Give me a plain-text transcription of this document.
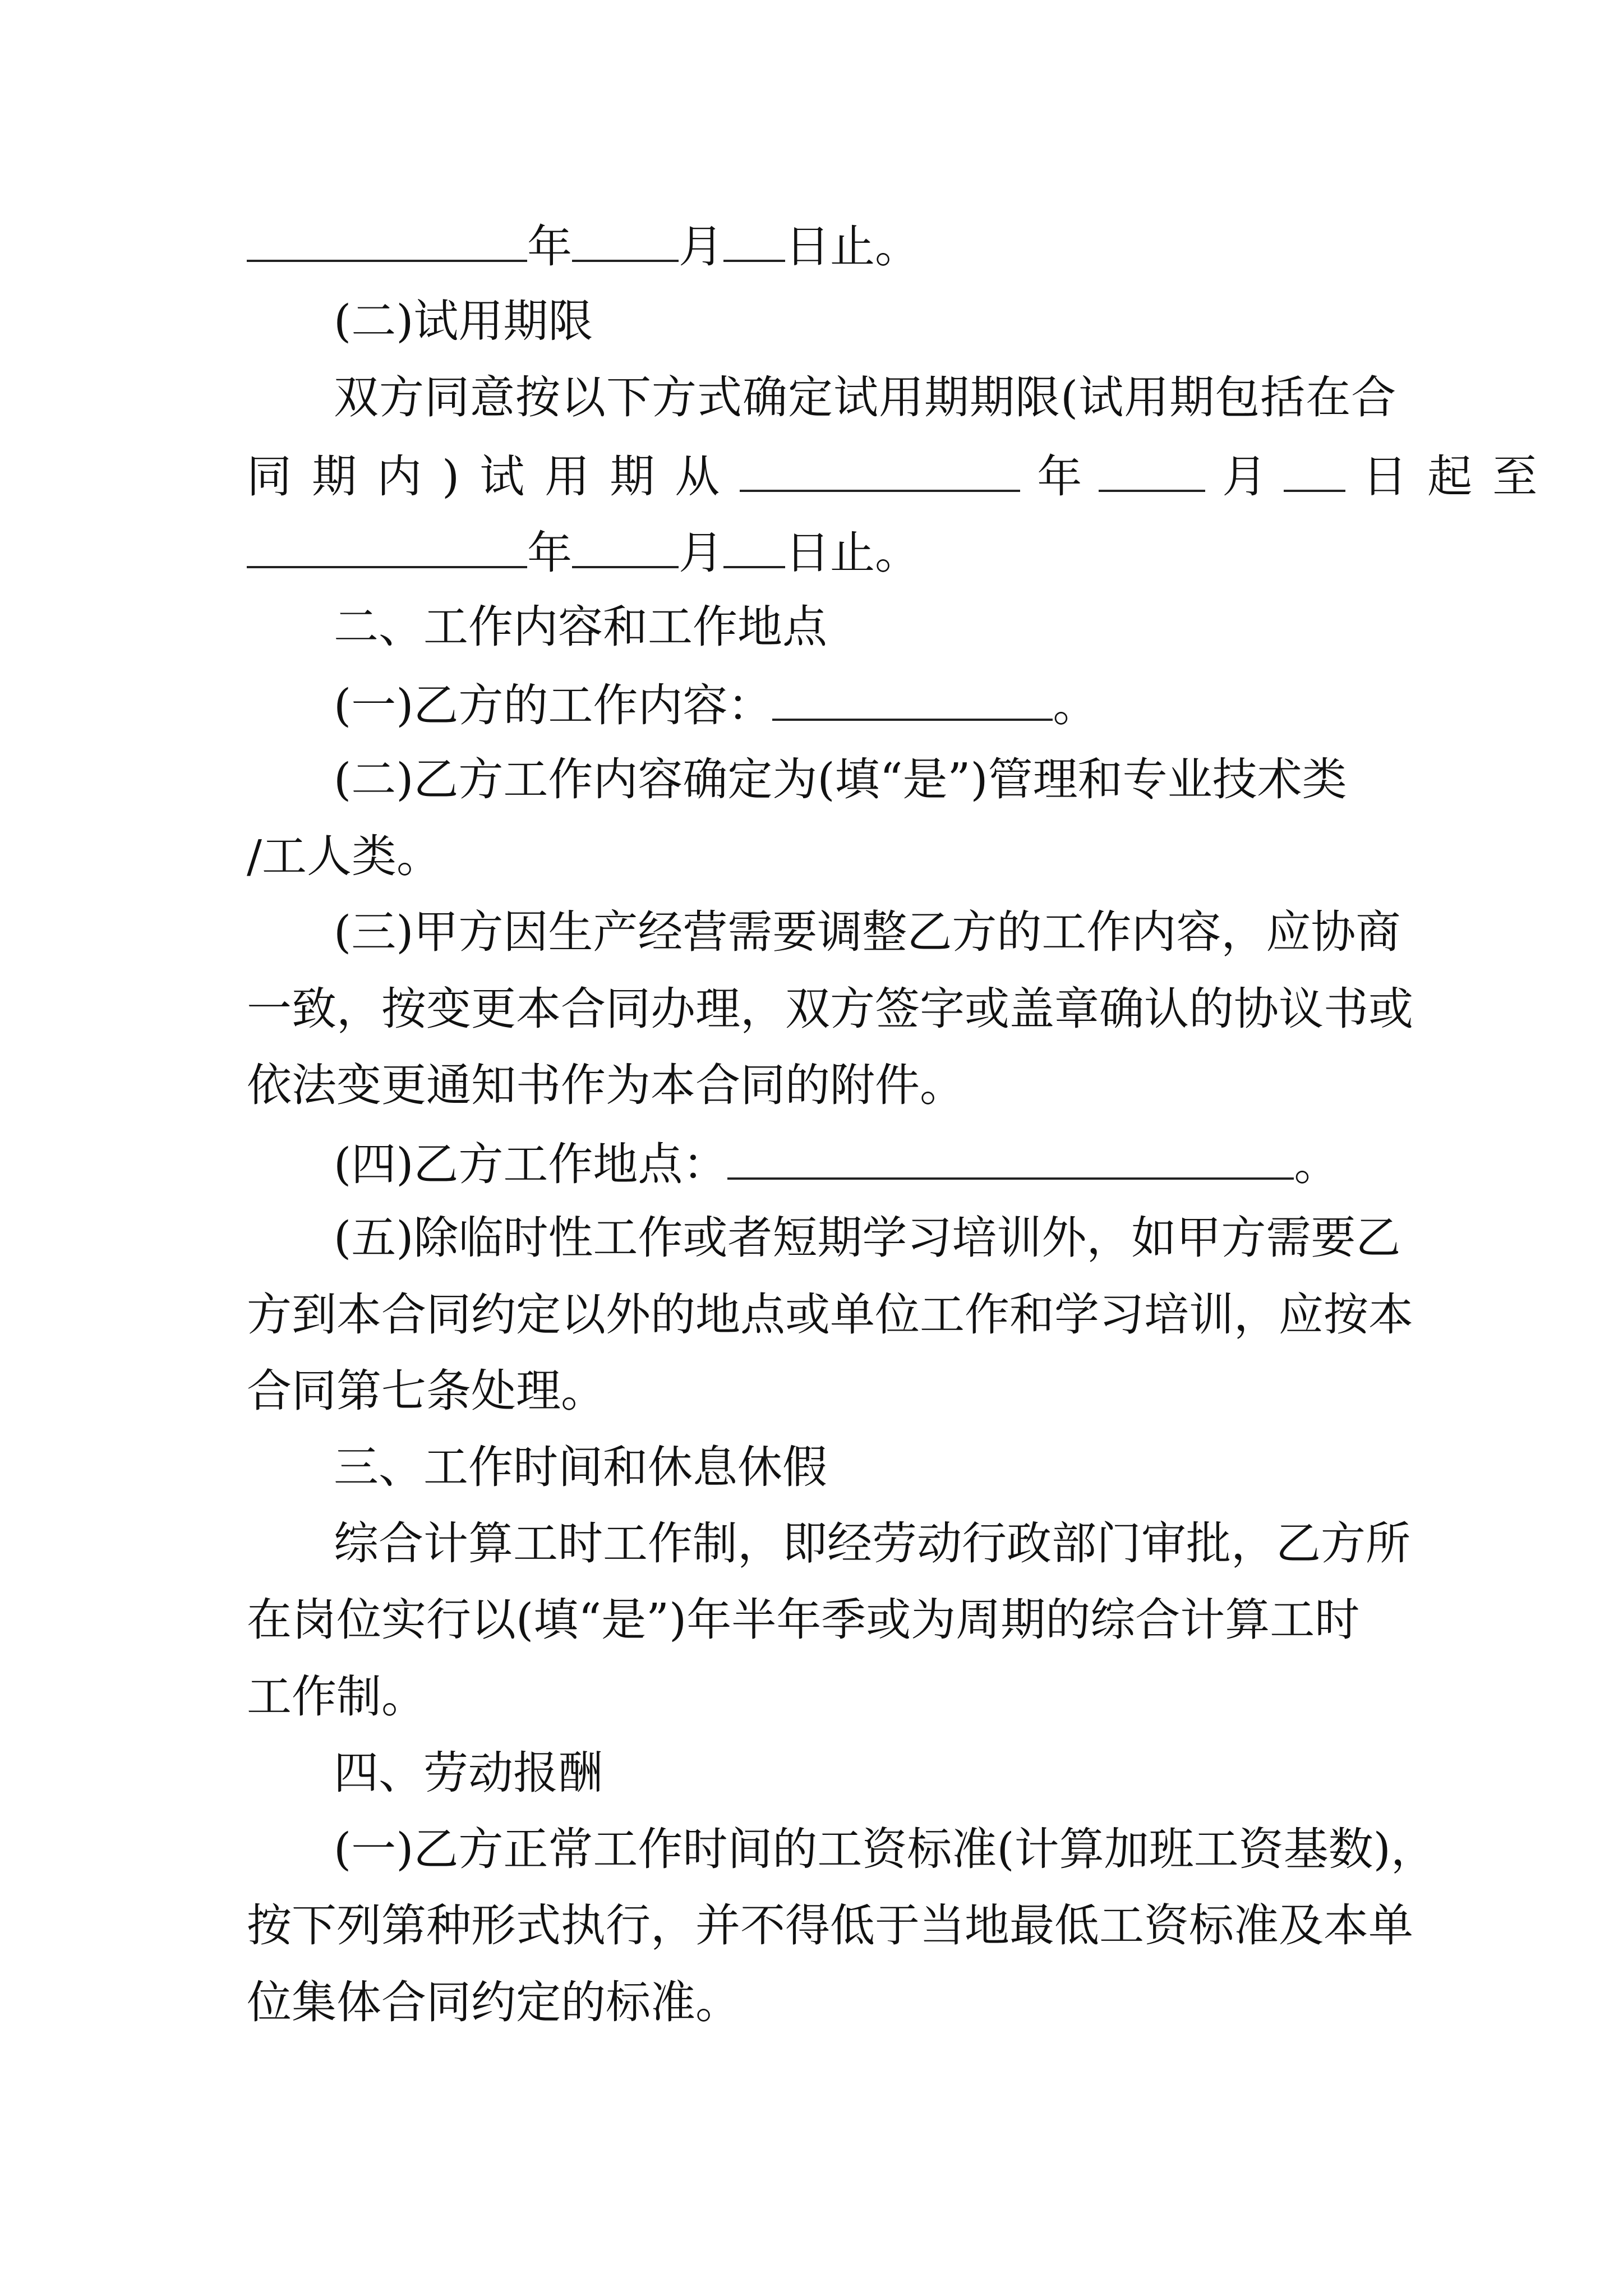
年 月 日止。
(二)试用期限
双方同意按以下方式确定试用期期限(试用期包括在合
同期内)试用期从	年	月 日起至
年 月 日止。
二、工作内容和工作地点
(一)乙方的工作内容：	。
(二)乙方工作内容确定为(填“是”)管理和专业技术类
/工人类。
(三)甲方因生产经营需要调整乙方的工作内容，应协商
一致，按变更本合同办理，双方签字或盖章确认的协议书或
依法变更通知书作为本合同的附件。
(四)乙方工作地点：	。
(五)除临时性工作或者短期学习培训外，如甲方需要乙
方到本合同约定以外的地点或单位工作和学习培训，应按本
合同第七条处理。
三、工作时间和休息休假
综合计算工时工作制，即经劳动行政部门审批，乙方所
在岗位实行以(填“是”)年半年季或为周期的综合计算工时
工作制。
四、劳动报酬
(一)乙方正常工作时间的工资标准(计算加班工资基数)，
按下列第种形式执行，并不得低于当地最低工资标准及本单
位集体合同约定的标准。
